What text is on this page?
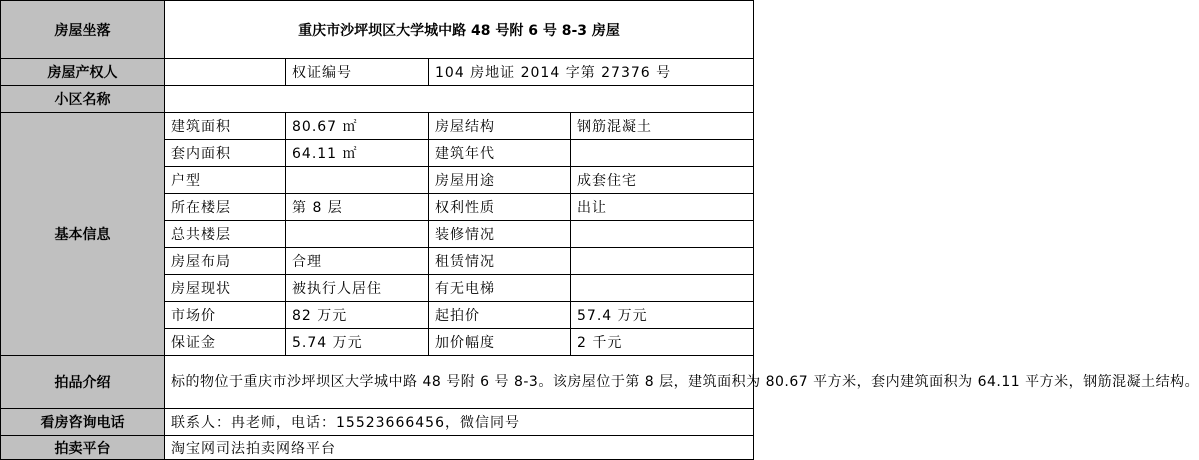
房屋坐落	重庆市沙坪坝区大学城中路 48 号附 6 号 8-3 房屋			
房屋产权人		权证编号	104 房地证 2014 字第 27376 号	
小区名称				
基本信息	建筑面积	80.67 ㎡	房屋结构	钢筋混凝土
	套内面积	64.11 ㎡	建筑年代	
	户型		房屋用途	成套住宅
	所在楼层	第 8 层	权利性质	出让
	总共楼层		装修情况	
	房屋布局	合理	租赁情况	
	房屋现状	被执行人居住	有无电梯	
	市场价	82 万元	起拍价	57.4 万元
	保证金	5.74 万元	加价幅度	2 千元
拍品介绍	标的物位于重庆市沙坪坝区大学城中路 48 号附 6 号 8-3。该房屋位于第 8 层，建筑面积为 80.67 平方米，套内建筑面积为 64.11 平方米，钢筋混凝土结构。			
看房咨询电话	联系人：冉老师，电话：15523666456，微信同号			
拍卖平台	淘宝网司法拍卖网络平台			
